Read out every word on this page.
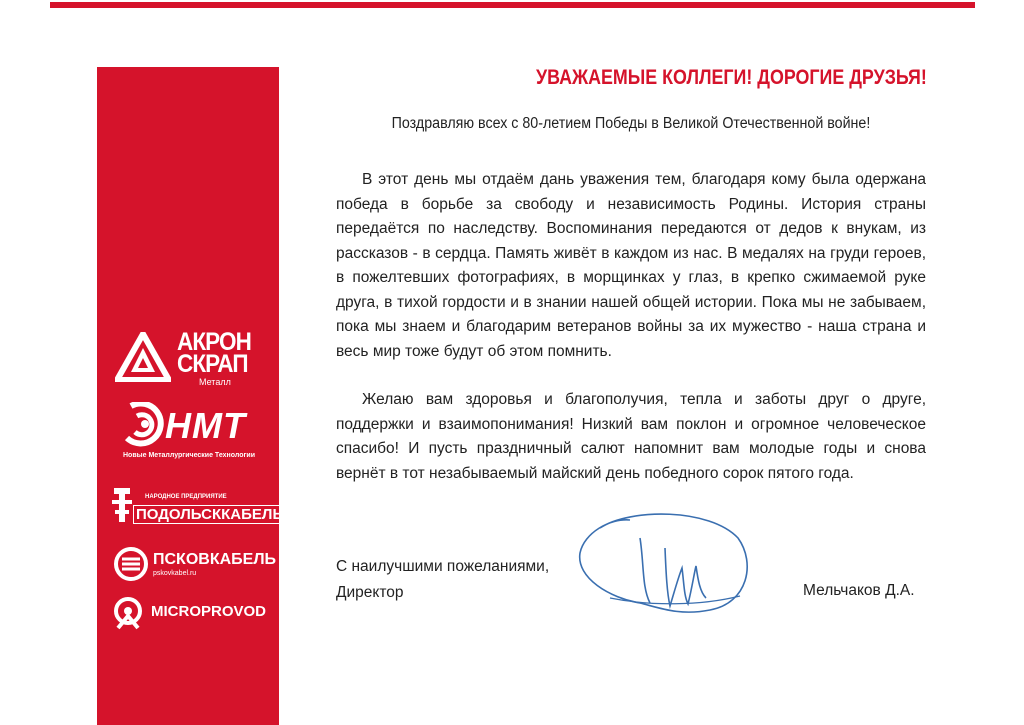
АКРОН
СКРАП
Металл
НМТ
Новые Металлургические Технологии
НАРОДНОЕ ПРЕДПРИЯТИЕ
ПОДОЛЬСККАБЕЛЬ
ПСКОВКАБЕЛЬ
pskovkabel.ru
MICROPROVOD
УВАЖАЕМЫЕ КОЛЛЕГИ! ДОРОГИЕ ДРУЗЬЯ!
Поздравляю всех с 80-летием Победы в Великой Отечественной войне!

В этот день мы отдаём дань уважения тем, благодаря кому была одержана победа в борьбе за свободу и независимость Родины. История страны передаётся по наследству. Воспоминания передаются от дедов к внукам, из рассказов - в сердца. Память живёт в каждом из нас. В медалях на груди героев, в пожелтевших фотографиях, в морщинках у глаз, в крепко сжимаемой руке друга, в тихой гордости и в знании нашей общей истории. Пока мы не забываем, пока мы знаем и благодарим ветеранов войны за их мужество - наша страна и весь мир тоже будут об этом помнить.

Желаю вам здоровья и благополучия, тепла и заботы друг о друге, поддержки и взаимопонимания! Низкий вам поклон и огромное человеческое спасибо! И пусть праздничный салют напомнит вам молодые годы и снова вернёт в тот незабываемый майский день победного сорок пятого года.

С наилучшими пожеланиями,
Директор	Мельчаков Д.А.
